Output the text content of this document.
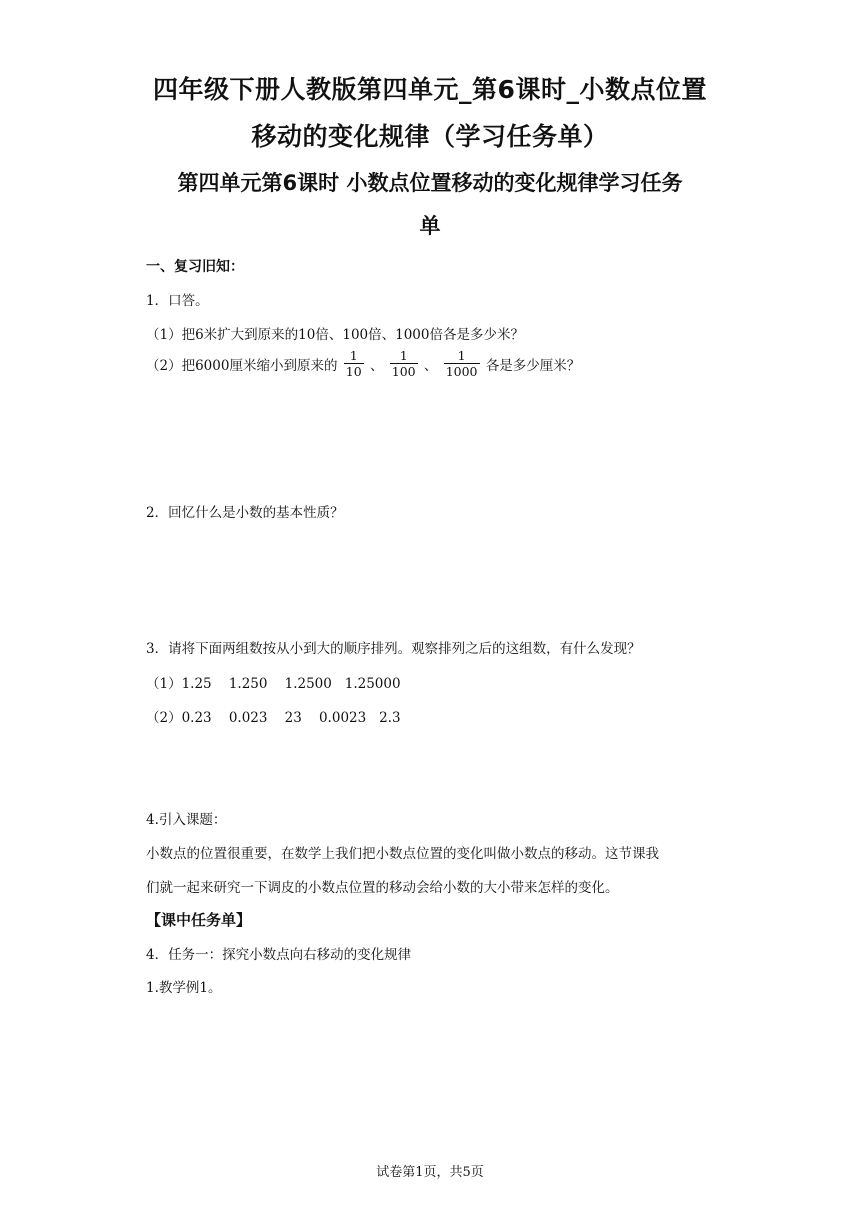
四年级下册人教版第四单元_第6课时_小数点位置
移动的变化规律（学习任务单）
第四单元第6课时 小数点位置移动的变化规律学习任务
单
一、复习旧知：
1．口答。
（1）把6米扩大到原来的10倍、100倍、1000倍各是多少米？
（2）把6000厘米缩小到原来的 $\frac{1}{10}$ 、 $\frac{1}{100}$ 、 $\frac{1}{1000}$ 各是多少厘米？
2．回忆什么是小数的基本性质？
3．请将下面两组数按从小到大的顺序排列。观察排列之后的这组数，有什么发现？
（1）1.25    1.250    1.2500   1.25000
（2）0.23    0.023    23    0.0023   2.3
4.引入课题：
小数点的位置很重要，在数学上我们把小数点位置的变化叫做小数点的移动。这节课我
们就一起来研究一下调皮的小数点位置的移动会给小数的大小带来怎样的变化。
【课中任务单】
4．任务一：探究小数点向右移动的变化规律
1.教学例1。
试卷第1页，共5页
